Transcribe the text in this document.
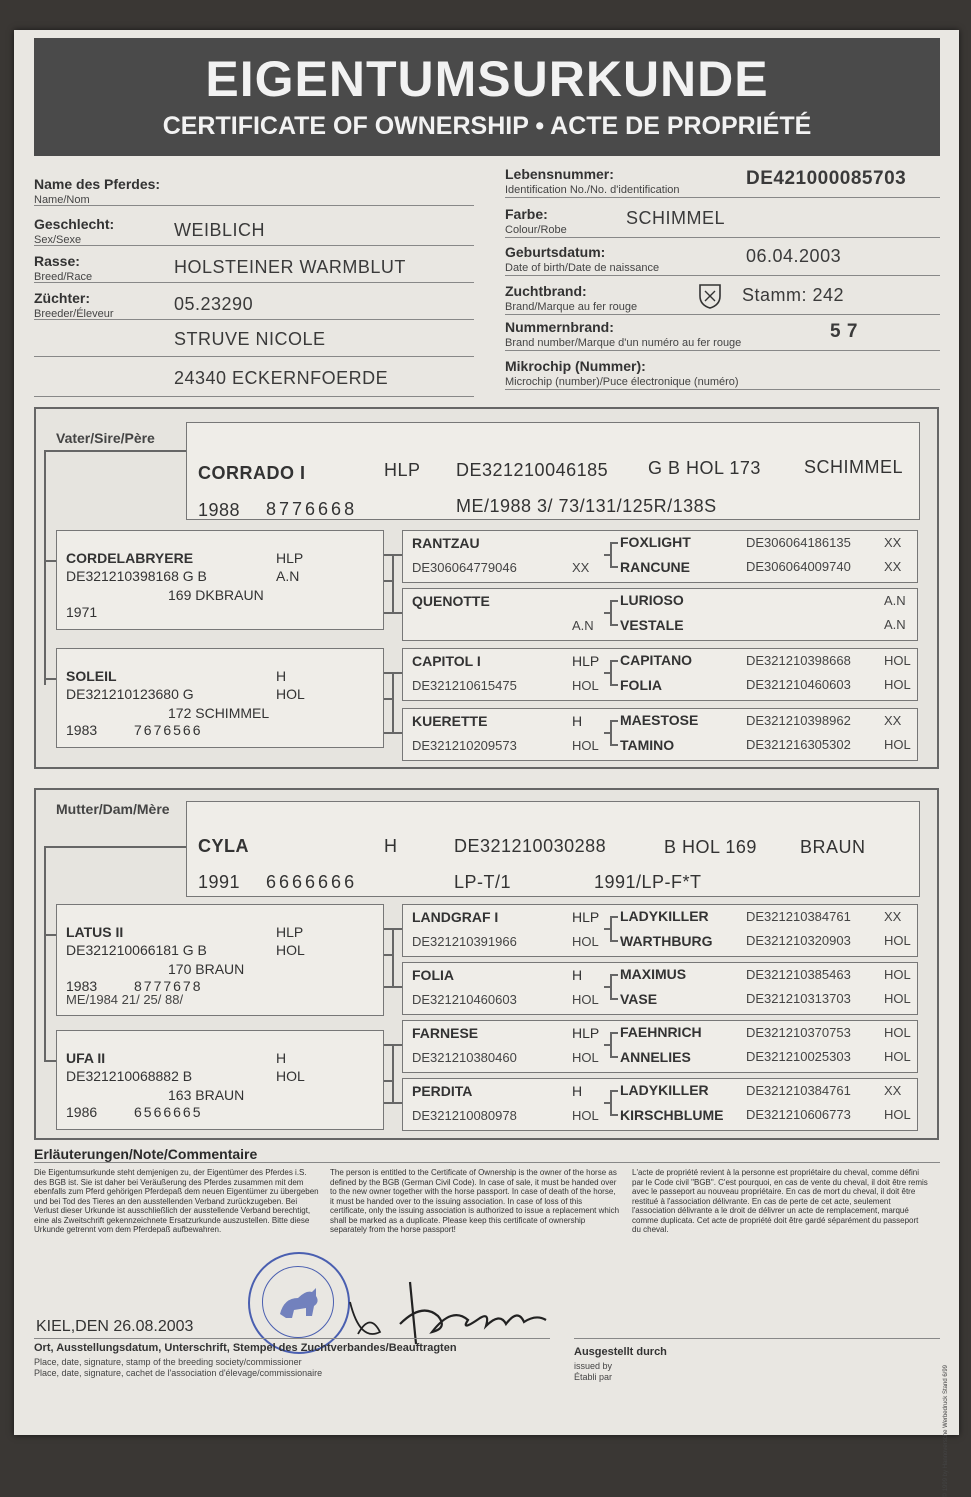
EIGENTUMSURKUNDE
CERTIFICATE OF OWNERSHIP • ACTE DE PROPRIÉTÉ
Name des Pferdes:
Name/Nom
Geschlecht:
Sex/Sexe	WEIBLICH
Rasse:
Breed/Race	HOLSTEINER WARMBLUT
Züchter:
Breeder/Éleveur	05.23290
STRUVE NICOLE
24340 ECKERNFOERDE
Lebensnummer:
Identification No./No. d'identification
DE421000085703
Farbe:
Colour/Robe
SCHIMMEL
Geburtsdatum:
Date of birth/Date de naissance
06.04.2003
Zuchtbrand:
Brand/Marque au fer rouge
Stamm: 242
Nummernbrand:
Brand number/Marque d'un numéro au fer rouge
5 7
Mikrochip (Nummer):
Microchip (number)/Puce électronique (numéro)
Vater/Sire/Père
CORRADO I	HLP DE321210046185 G B HOL 173 SCHIMMEL
1988 8776668	ME/1988 3/ 73/131/125R/138S
CORDELABRYERE	HLP
DE321210398168 G B	A.N
169 DKBRAUN
1971
SOLEIL	H
DE321210123680 G	HOL
172 SCHIMMEL
1983	7676566
RANTZAU
DE306064779046	XX
FOXLIGHT	DE306064186135	XX
RANCUNE	DE306064009740	XX
QUENOTTE
A.N
LURIOSO	A.N
VESTALE	A.N
CAPITOL I	HLP
DE321210615475	HOL
CAPITANO	DE321210398668	HOL
FOLIA	DE321210460603	HOL
KUERETTE	H
DE321210209573	HOL
MAESTOSE	DE321210398962	XX
TAMINO	DE321216305302	HOL
Mutter/Dam/Mère
CYLA	H	DE321210030288	B HOL 169 BRAUN
1991 6666666	LP-T/1	1991/LP-F*T
LATUS II	HLP
DE321210066181 G B	HOL
170 BRAUN
1983	8777678
ME/1984 21/ 25/ 88/
UFA II	H
DE321210068882 B	HOL
163 BRAUN
1986	6566665
LANDGRAF I	HLP
DE321210391966	HOL
LADYKILLER	DE321210384761	XX
WARTHBURG	DE321210320903	HOL
FOLIA	H
DE321210460603	HOL
MAXIMUS	DE321210385463	HOL
VASE	DE321210313703	HOL
FARNESE	HLP
DE321210380460	HOL
FAEHNRICH	DE321210370753	HOL
ANNELIES	DE321210025303	HOL
PERDITA	H
DE321210080978	HOL
LADYKILLER	DE321210384761	XX
KIRSCHBLUME DE321210606773	HOL
Erläuterungen/Note/Commentaire
Die Eigentumsurkunde steht demjenigen zu, der Eigentümer des Pferdes i.S. des BGB ist. Sie ist daher bei Veräußerung des Pferdes zusammen mit dem ebenfalls zum Pferd gehörigen Pferdepaß dem neuen Eigentümer zu übergeben und bei Tod des Tieres an den ausstellenden Verband zurückzugeben. Bei Verlust dieser Urkunde ist ausschließlich der ausstellende Verband berechtigt, eine als Zweitschrift gekennzeichnete Ersatzurkunde auszustellen. Bitte diese Urkunde getrennt vom dem Pferdepaß aufbewahren.
The person is entitled to the Certificate of Ownership is the owner of the horse as defined by the BGB (German Civil Code). In case of sale, it must be handed over to the new owner together with the horse passport. In case of death of the horse, it must be handed over to the issuing association. In case of loss of this certificate, only the issuing association is authorized to issue a replacement which shall be marked as a duplicate. Please keep this certificate of ownership separately from the horse passport!
L'acte de propriété revient à la personne est propriétaire du cheval, comme défini par le Code civil "BGB". C'est pourquoi, en cas de vente du cheval, il doit être remis avec le passeport au nouveau propriétaire. En cas de mort du cheval, il doit être restitué à l'association délivrante. En cas de perte de cet acte, seulement l'association délivrante a le droit de délivrer un acte de remplacement, marqué comme duplicata. Cet acte de propriété doit être gardé séparément du passeport du cheval.
© 1999 by Hannoversche Werbedruck Stand 6/99
KIEL,DEN 26.08.2003
Ort, Ausstellungsdatum, Unterschrift, Stempel des Zuchtverbandes/Beauftragten
Place, date, signature, stamp of the breeding society/commissioner
Place, date, signature, cachet de l'association d'élevage/commissionaire
Ausgestellt durch
issued by
Établi par
